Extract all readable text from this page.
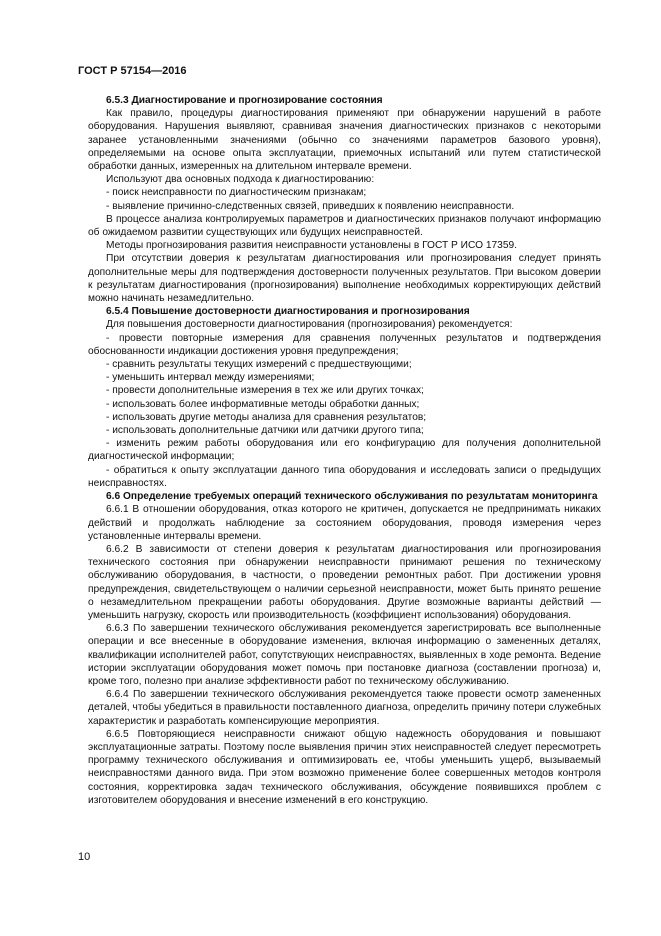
ГОСТ Р 57154—2016

6.5.3 Диагностирование и прогнозирование состояния

Как правило, процедуры диагностирования применяют при обнаружении нарушений в работе оборудования. Нарушения выявляют, сравнивая значения диагностических признаков с некоторыми заранее установленными значениями (обычно со значениями параметров базового уровня), определяемыми на основе опыта эксплуатации, приемочных испытаний или путем статистической обработки данных, измеренных на длительном интервале времени.

Используют два основных подхода к диагностированию:

- поиск неисправности по диагностическим признакам;

- выявление причинно-следственных связей, приведших к появлению неисправности.

В процессе анализа контролируемых параметров и диагностических признаков получают информацию об ожидаемом развитии существующих или будущих неисправностей.

Методы прогнозирования развития неисправности установлены в ГОСТ Р ИСО 17359.

При отсутствии доверия к результатам диагностирования или прогнозирования следует принять дополнительные меры для подтверждения достоверности полученных результатов. При высоком доверии к результатам диагностирования (прогнозирования) выполнение необходимых корректирующих действий можно начинать незамедлительно.

6.5.4 Повышение достоверности диагностирования и прогнозирования

Для повышения достоверности диагностирования (прогнозирования) рекомендуется:

- провести повторные измерения для сравнения полученных результатов и подтверждения обоснованности индикации достижения уровня предупреждения;

- сравнить результаты текущих измерений с предшествующими;

- уменьшить интервал между измерениями;

- провести дополнительные измерения в тех же или других точках;

- использовать более информативные методы обработки данных;

- использовать другие методы анализа для сравнения результатов;

- использовать дополнительные датчики или датчики другого типа;

- изменить режим работы оборудования или его конфигурацию для получения дополнительной диагностической информации;

- обратиться к опыту эксплуатации данного типа оборудования и исследовать записи о предыдущих неисправностях.

6.6 Определение требуемых операций технического обслуживания по результатам мониторинга

6.6.1 В отношении оборудования, отказ которого не критичен, допускается не предпринимать никаких действий и продолжать наблюдение за состоянием оборудования, проводя измерения через установленные интервалы времени.

6.6.2 В зависимости от степени доверия к результатам диагностирования или прогнозирования технического состояния при обнаружении неисправности принимают решения по техническому обслуживанию оборудования, в частности, о проведении ремонтных работ. При достижении уровня предупреждения, свидетельствующем о наличии серьезной неисправности, может быть принято решение о незамедлительном прекращении работы оборудования. Другие возможные варианты действий — уменьшить нагрузку, скорость или производительность (коэффициент использования) оборудования.

6.6.3 По завершении технического обслуживания рекомендуется зарегистрировать все выполненные операции и все внесенные в оборудование изменения, включая информацию о замененных деталях, квалификации исполнителей работ, сопутствующих неисправностях, выявленных в ходе ремонта. Ведение истории эксплуатации оборудования может помочь при постановке диагноза (составлении прогноза) и, кроме того, полезно при анализе эффективности работ по техническому обслуживанию.

6.6.4 По завершении технического обслуживания рекомендуется также провести осмотр замененных деталей, чтобы убедиться в правильности поставленного диагноза, определить причину потери служебных характеристик и разработать компенсирующие мероприятия.

6.6.5 Повторяющиеся неисправности снижают общую надежность оборудования и повышают эксплуатационные затраты. Поэтому после выявления причин этих неисправностей следует пересмотреть программу технического обслуживания и оптимизировать ее, чтобы уменьшить ущерб, вызываемый неисправностями данного вида. При этом возможно применение более совершенных методов контроля состояния, корректировка задач технического обслуживания, обсуждение появившихся проблем с изготовителем оборудования и внесение изменений в его конструкцию.

10
